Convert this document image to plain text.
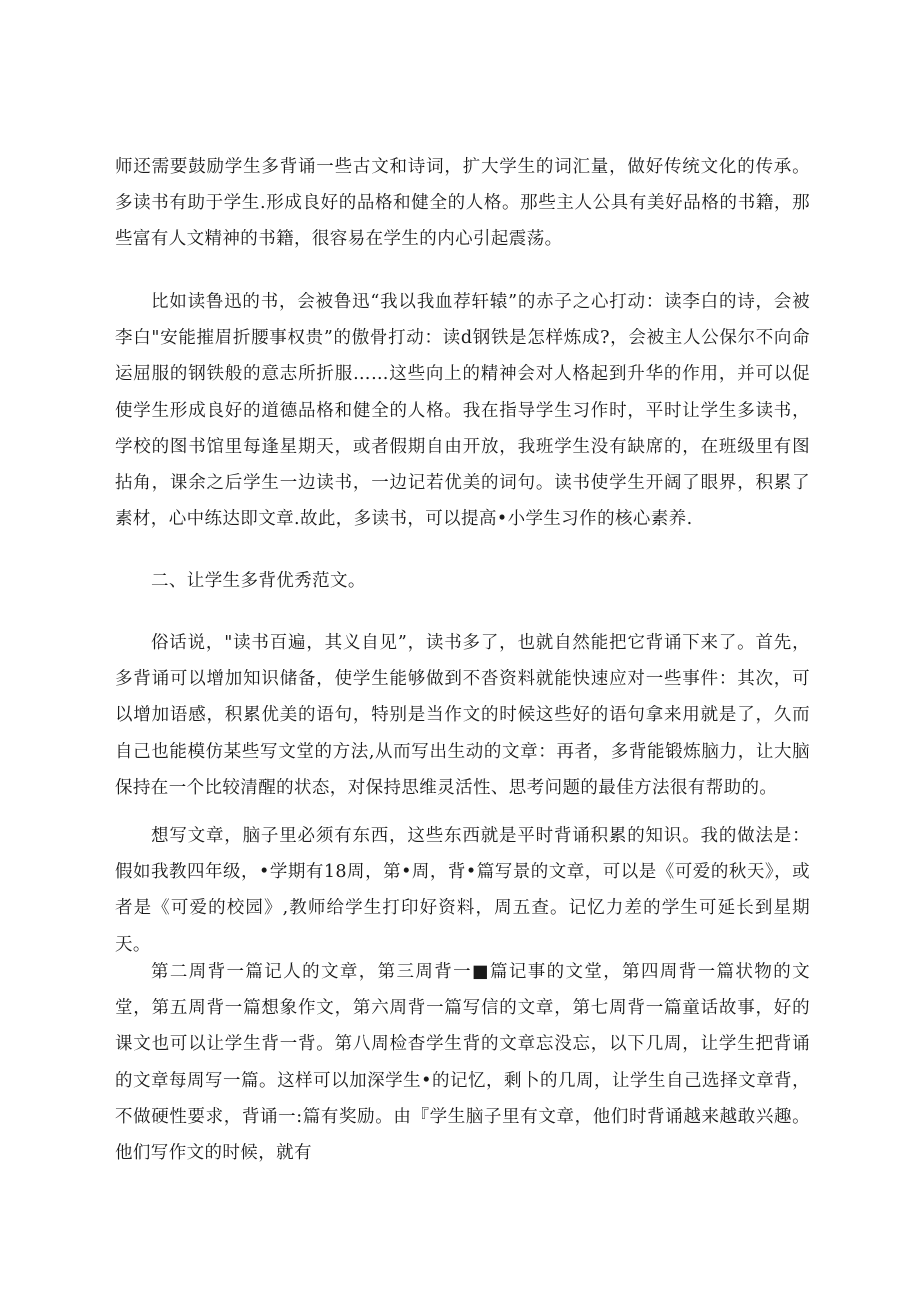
师还需要鼓励学生多背诵一些古文和诗词，扩大学生的词汇量，做好传统文化的传承。多读书有助于学生.形成良好的品格和健全的人格。那些主人公具有美好品格的书籍，那些富有人文精神的书籍，很容易在学生的内心引起震荡。

比如读鲁迅的书，会被鲁迅“我以我血荐轩辕”的赤子之心打动：读李白的诗，会被李白"安能摧眉折腰事权贵”的傲骨打动：读d钢铁是怎样炼成?，会被主人公保尔不向命运屈服的钢铁般的意志所折服……这些向上的精神会对人格起到升华的作用，并可以促使学生形成良好的道德品格和健全的人格。我在指导学生习作时，平时让学生多读书，学校的图书馆里每逢星期天，或者假期自由开放，我班学生没有缺席的，在班级里有图拈角，课余之后学生一边读书，一边记若优美的词句。读书使学生开阔了眼界，积累了素材，心中练达即文章.故此，多读书，可以提高•小学生习作的核心素养.

二、让学生多背优秀范文。

俗话说，"读书百遍，其义自见”，读书多了，也就自然能把它背诵下来了。首先，多背诵可以增加知识储备，使学生能够做到不沓资料就能快速应对一些事件：其次，可以增加语感，积累优美的语句，特别是当作文的时候这些好的语句拿来用就是了，久而自己也能模仿某些写文堂的方法,从而写出生动的文章：再者，多背能锻炼脑力，让大脑保持在一个比较清醒的状态，对保持思维灵活性、思考问题的最佳方法很有帮助的。

想写文章，脑子里必须有东西，这些东西就是平时背诵积累的知识。我的做法是：假如我教四年级，•学期有18周，第•周，背•篇写景的文章，可以是《可爱的秋天》，或者是《可爱的校园》,教师给学生打印好资料，周五查。记忆力差的学生可延长到星期天。

第二周背一篇记人的文章，第三周背一■篇记事的文堂，第四周背一篇状物的文堂，第五周背一篇想象作文，第六周背一篇写信的文章，第七周背一篇童话故事，好的课文也可以让学生背一背。第八周检杳学生背的文章忘没忘，以下几周，让学生把背诵的文章每周写一篇。这样可以加深学生•的记忆，剩卜的几周，让学生自己选择文章背，不做硬性要求，背诵一:篇有奖励。由『学生脑子里有文章，他们时背诵越来越敢兴趣。他们写作文的时候，就有
